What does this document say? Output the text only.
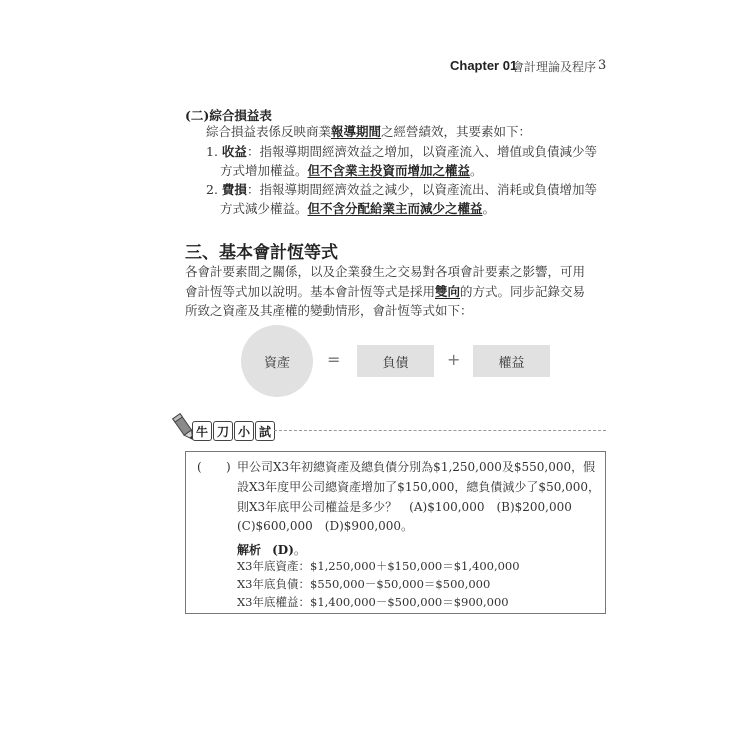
Chapter 01
會計理論及程序 3
(二)綜合損益表
綜合損益表係反映商業報導期間之經營績效，其要素如下：
1. 收益：指報導期間經濟效益之增加，以資產流入、增值或負債減少等
方式增加權益。但不含業主投資而增加之權益。
2. 費損：指報導期間經濟效益之減少，以資產流出、消耗或負債增加等
方式減少權益。但不含分配給業主而減少之權益。
三、基本會計恆等式
各會計要素間之關係，以及企業發生之交易對各項會計要素之影響，可用
會計恆等式加以說明。基本會計恆等式是採用雙向的方式。同步記錄交易
所致之資產及其產權的變動情形，會計恆等式如下：
資產 =	負債 +	權益
牛 刀 小 試
( ) 甲公司X3年初總資產及總負債分別為$1,250,000及$550,000，假
設X3年度甲公司總資產增加了$150,000，總負債減少了$50,000，
則X3年底甲公司權益是多少？　(A)$100,000　(B)$200,000
(C)$600,000　(D)$900,000。
解析 (D)。
X3年底資產：$1,250,000＋$150,000＝$1,400,000
X3年底負債：$550,000－$50,000＝$500,000
X3年底權益：$1,400,000－$500,000＝$900,000
